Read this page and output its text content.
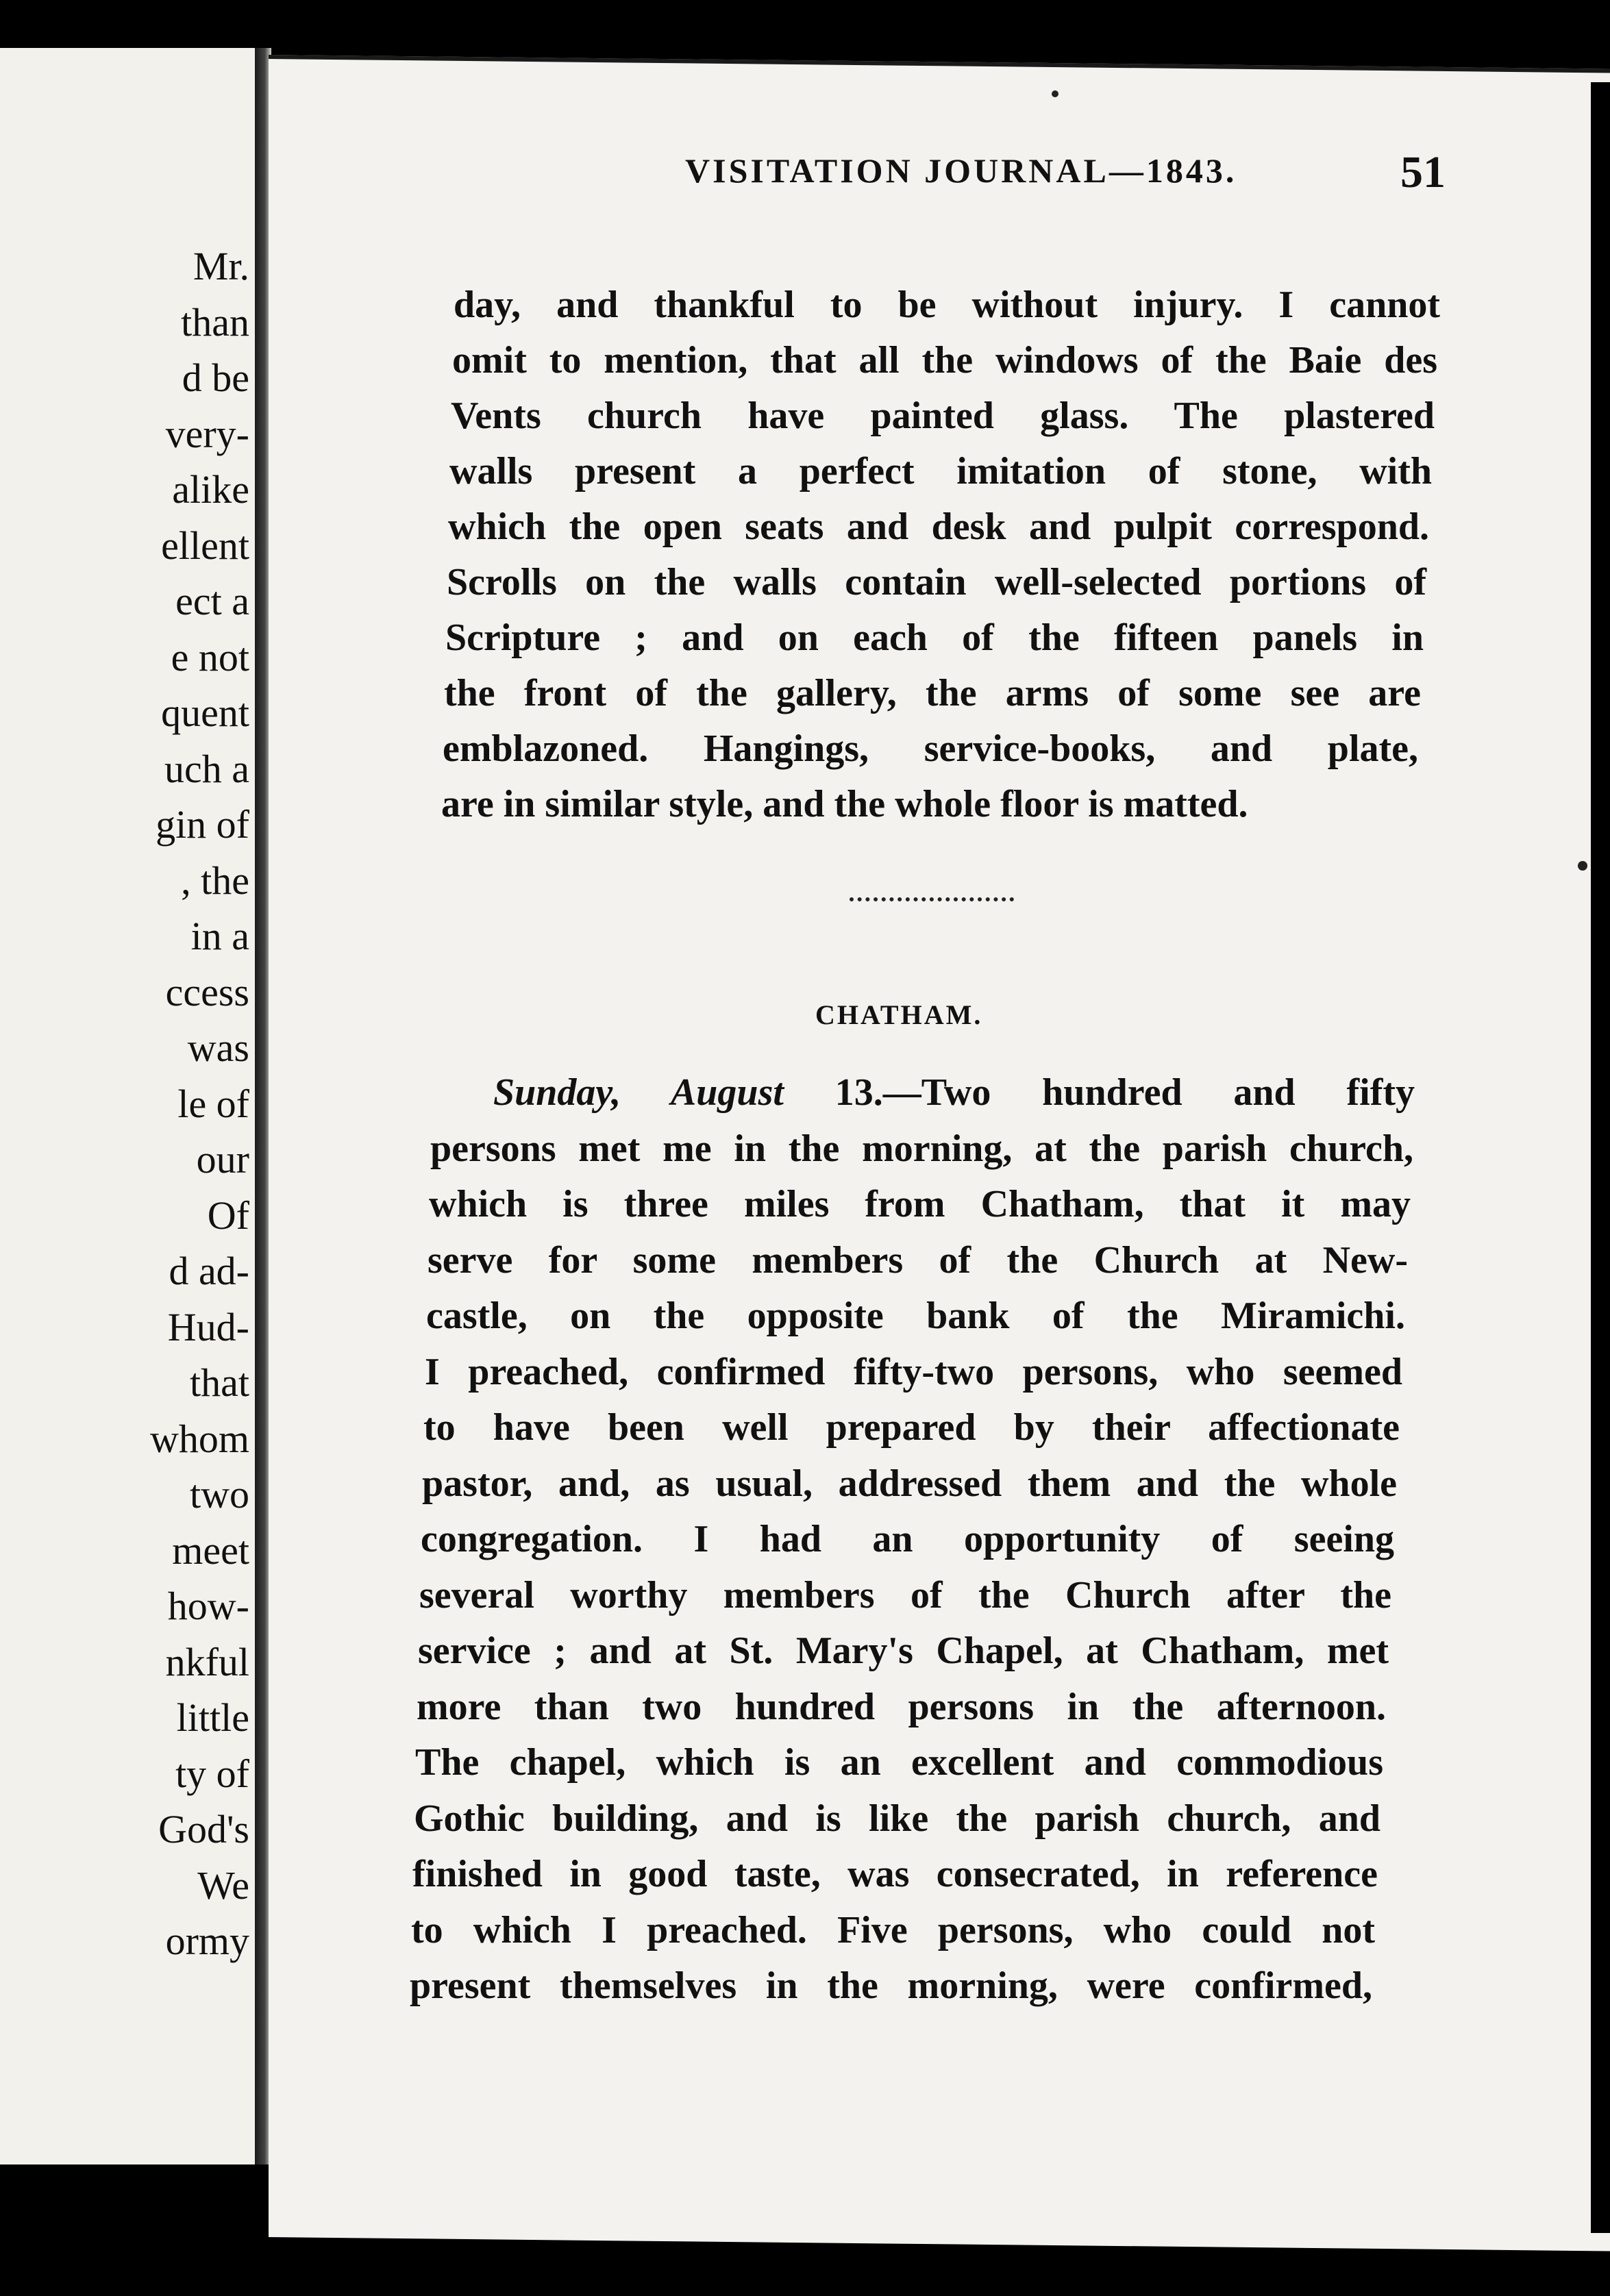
Mr.
than
d be
very-
alike
ellent
ect a
e not
quent
uch a
gin of
, the
in a
ccess
was
le of
our
Of
d ad-
Hud-
that
whom
two
meet
how-
nkful
little
ty of
God's
We
ormy
VISITATION JOURNAL—1843.	51
day, and thankful to be without injury. I cannot
omit to mention, that all the windows of the Baie des
Vents church have painted glass. The plastered
walls present a perfect imitation of stone, with
which the open seats and desk and pulpit correspond.
Scrolls on the walls contain well-selected portions of
Scripture ; and on each of the fifteen panels in
the front of the gallery, the arms of some see are
emblazoned. Hangings, service-books, and plate,
are in similar style, and the whole floor is matted.
CHATHAM.
Sunday, August 13.—Two hundred and fifty
persons met me in the morning, at the parish church,
which is three miles from Chatham, that it may
serve for some members of the Church at New-
castle, on the opposite bank of the Miramichi.
I preached, confirmed fifty-two persons, who seemed
to have been well prepared by their affectionate
pastor, and, as usual, addressed them and the whole
congregation. I had an opportunity of seeing
several worthy members of the Church after the
service ; and at St. Mary's Chapel, at Chatham, met
more than two hundred persons in the afternoon.
The chapel, which is an excellent and commodious
Gothic building, and is like the parish church, and
finished in good taste, was consecrated, in reference
to which I preached. Five persons, who could not
present themselves in the morning, were confirmed,
